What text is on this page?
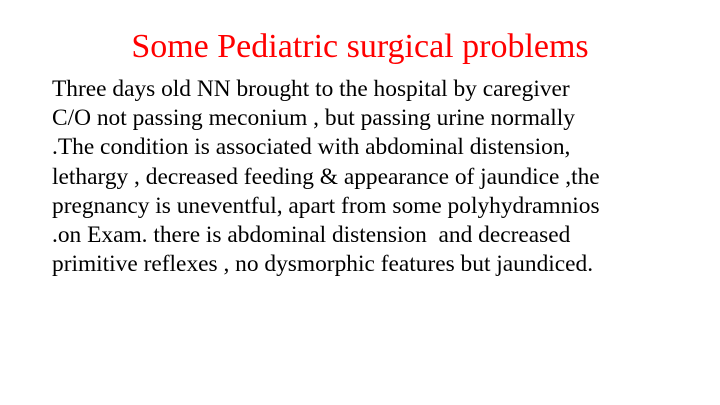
Some Pediatric surgical problems
Three days old NN brought to the hospital by caregiver
C/O not passing meconium , but passing urine normally
.The condition is associated with abdominal distension,
lethargy , decreased feeding & appearance of jaundice ,the
pregnancy is uneventful, apart from some polyhydramnios
.on Exam. there is abdominal distension  and decreased
primitive reflexes , no dysmorphic features but jaundiced.
